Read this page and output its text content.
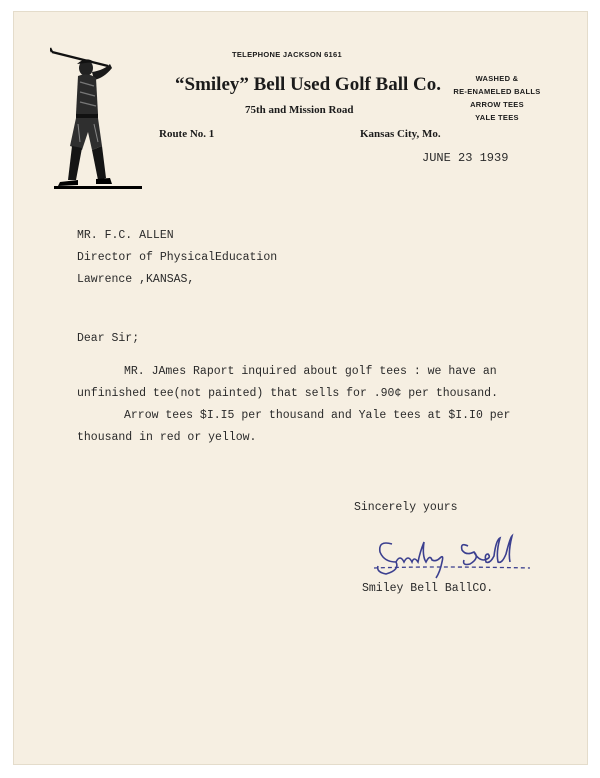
TELEPHONE JACKSON 6161
“Smiley” Bell Used Golf Ball Co.
75th and Mission Road
Route No. 1	Kansas City, Mo.
WASHED &
RE-ENAMELED BALLS
ARROW TEES
YALE TEES
JUNE 23 1939
MR. F.C. ALLEN
Director of PhysicalEducation
Lawrence ,KANSAS,
Dear Sir;
MR. JAmes Raport inquired about golf tees : we have an
unfinished tee(not painted) that sells for .90¢ per thousand.
Arrow tees $I.I5 per thousand and Yale tees at $I.I0 per
thousand in red or yellow.
Sincerely yours
Smiley Bell BallCO.
